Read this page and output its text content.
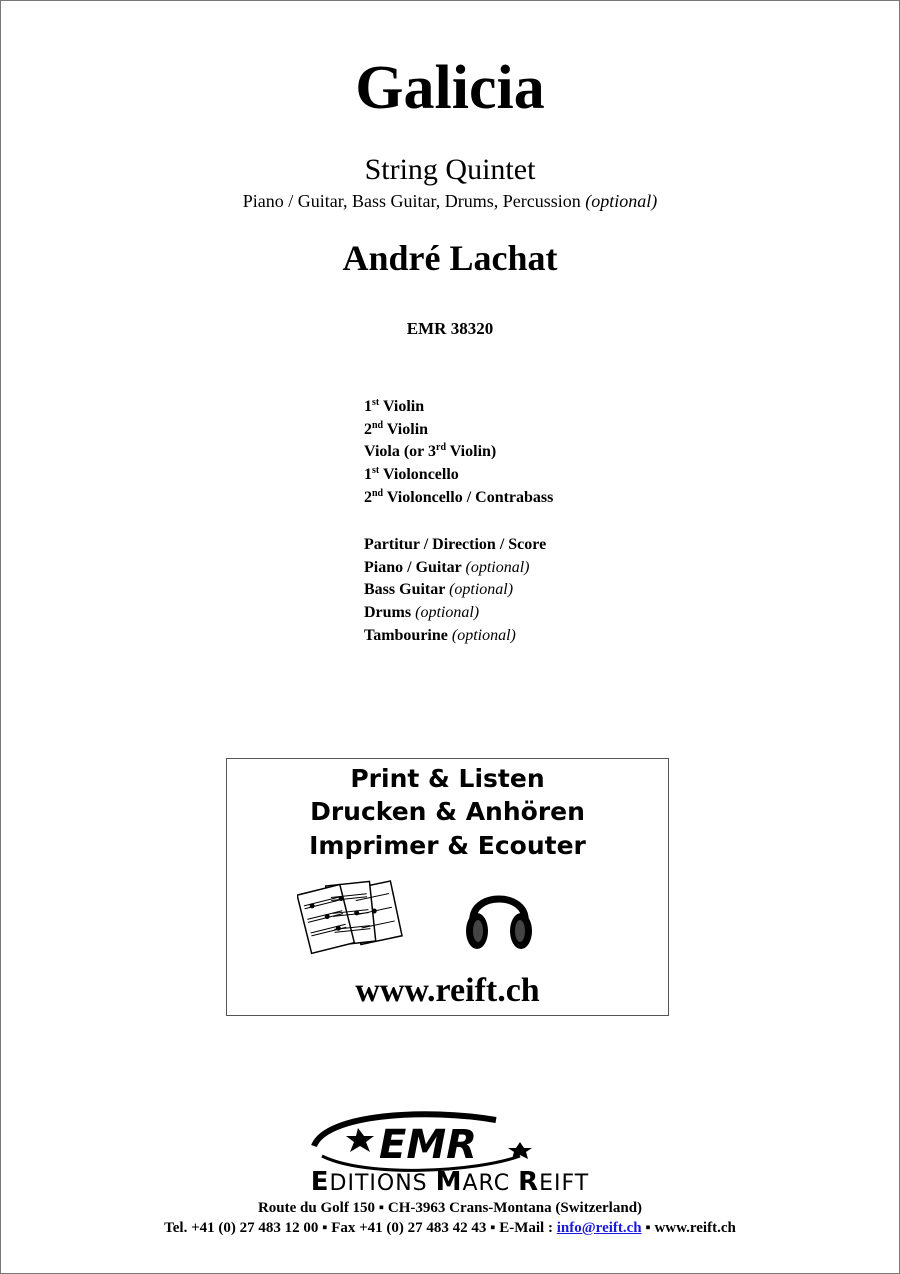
Galicia
String Quintet
Piano / Guitar, Bass Guitar, Drums, Percussion (optional)
André Lachat
EMR 38320
1st Violin
2nd Violin
Viola (or 3rd Violin)
1st Violoncello
2nd Violoncello / Contrabass
Partitur / Direction / Score
Piano / Guitar (optional)
Bass Guitar (optional)
Drums (optional)
Tambourine (optional)
Print & Listen
Drucken & Anhören
Imprimer & Ecouter
www.reift.ch
EMR
EDITIONS MARC REIFT
Route du Golf 150 ▪ CH-3963 Crans-Montana (Switzerland)
Tel. +41 (0) 27 483 12 00 ▪ Fax +41 (0) 27 483 42 43 ▪ E-Mail : info@reift.ch ▪ www.reift.ch
